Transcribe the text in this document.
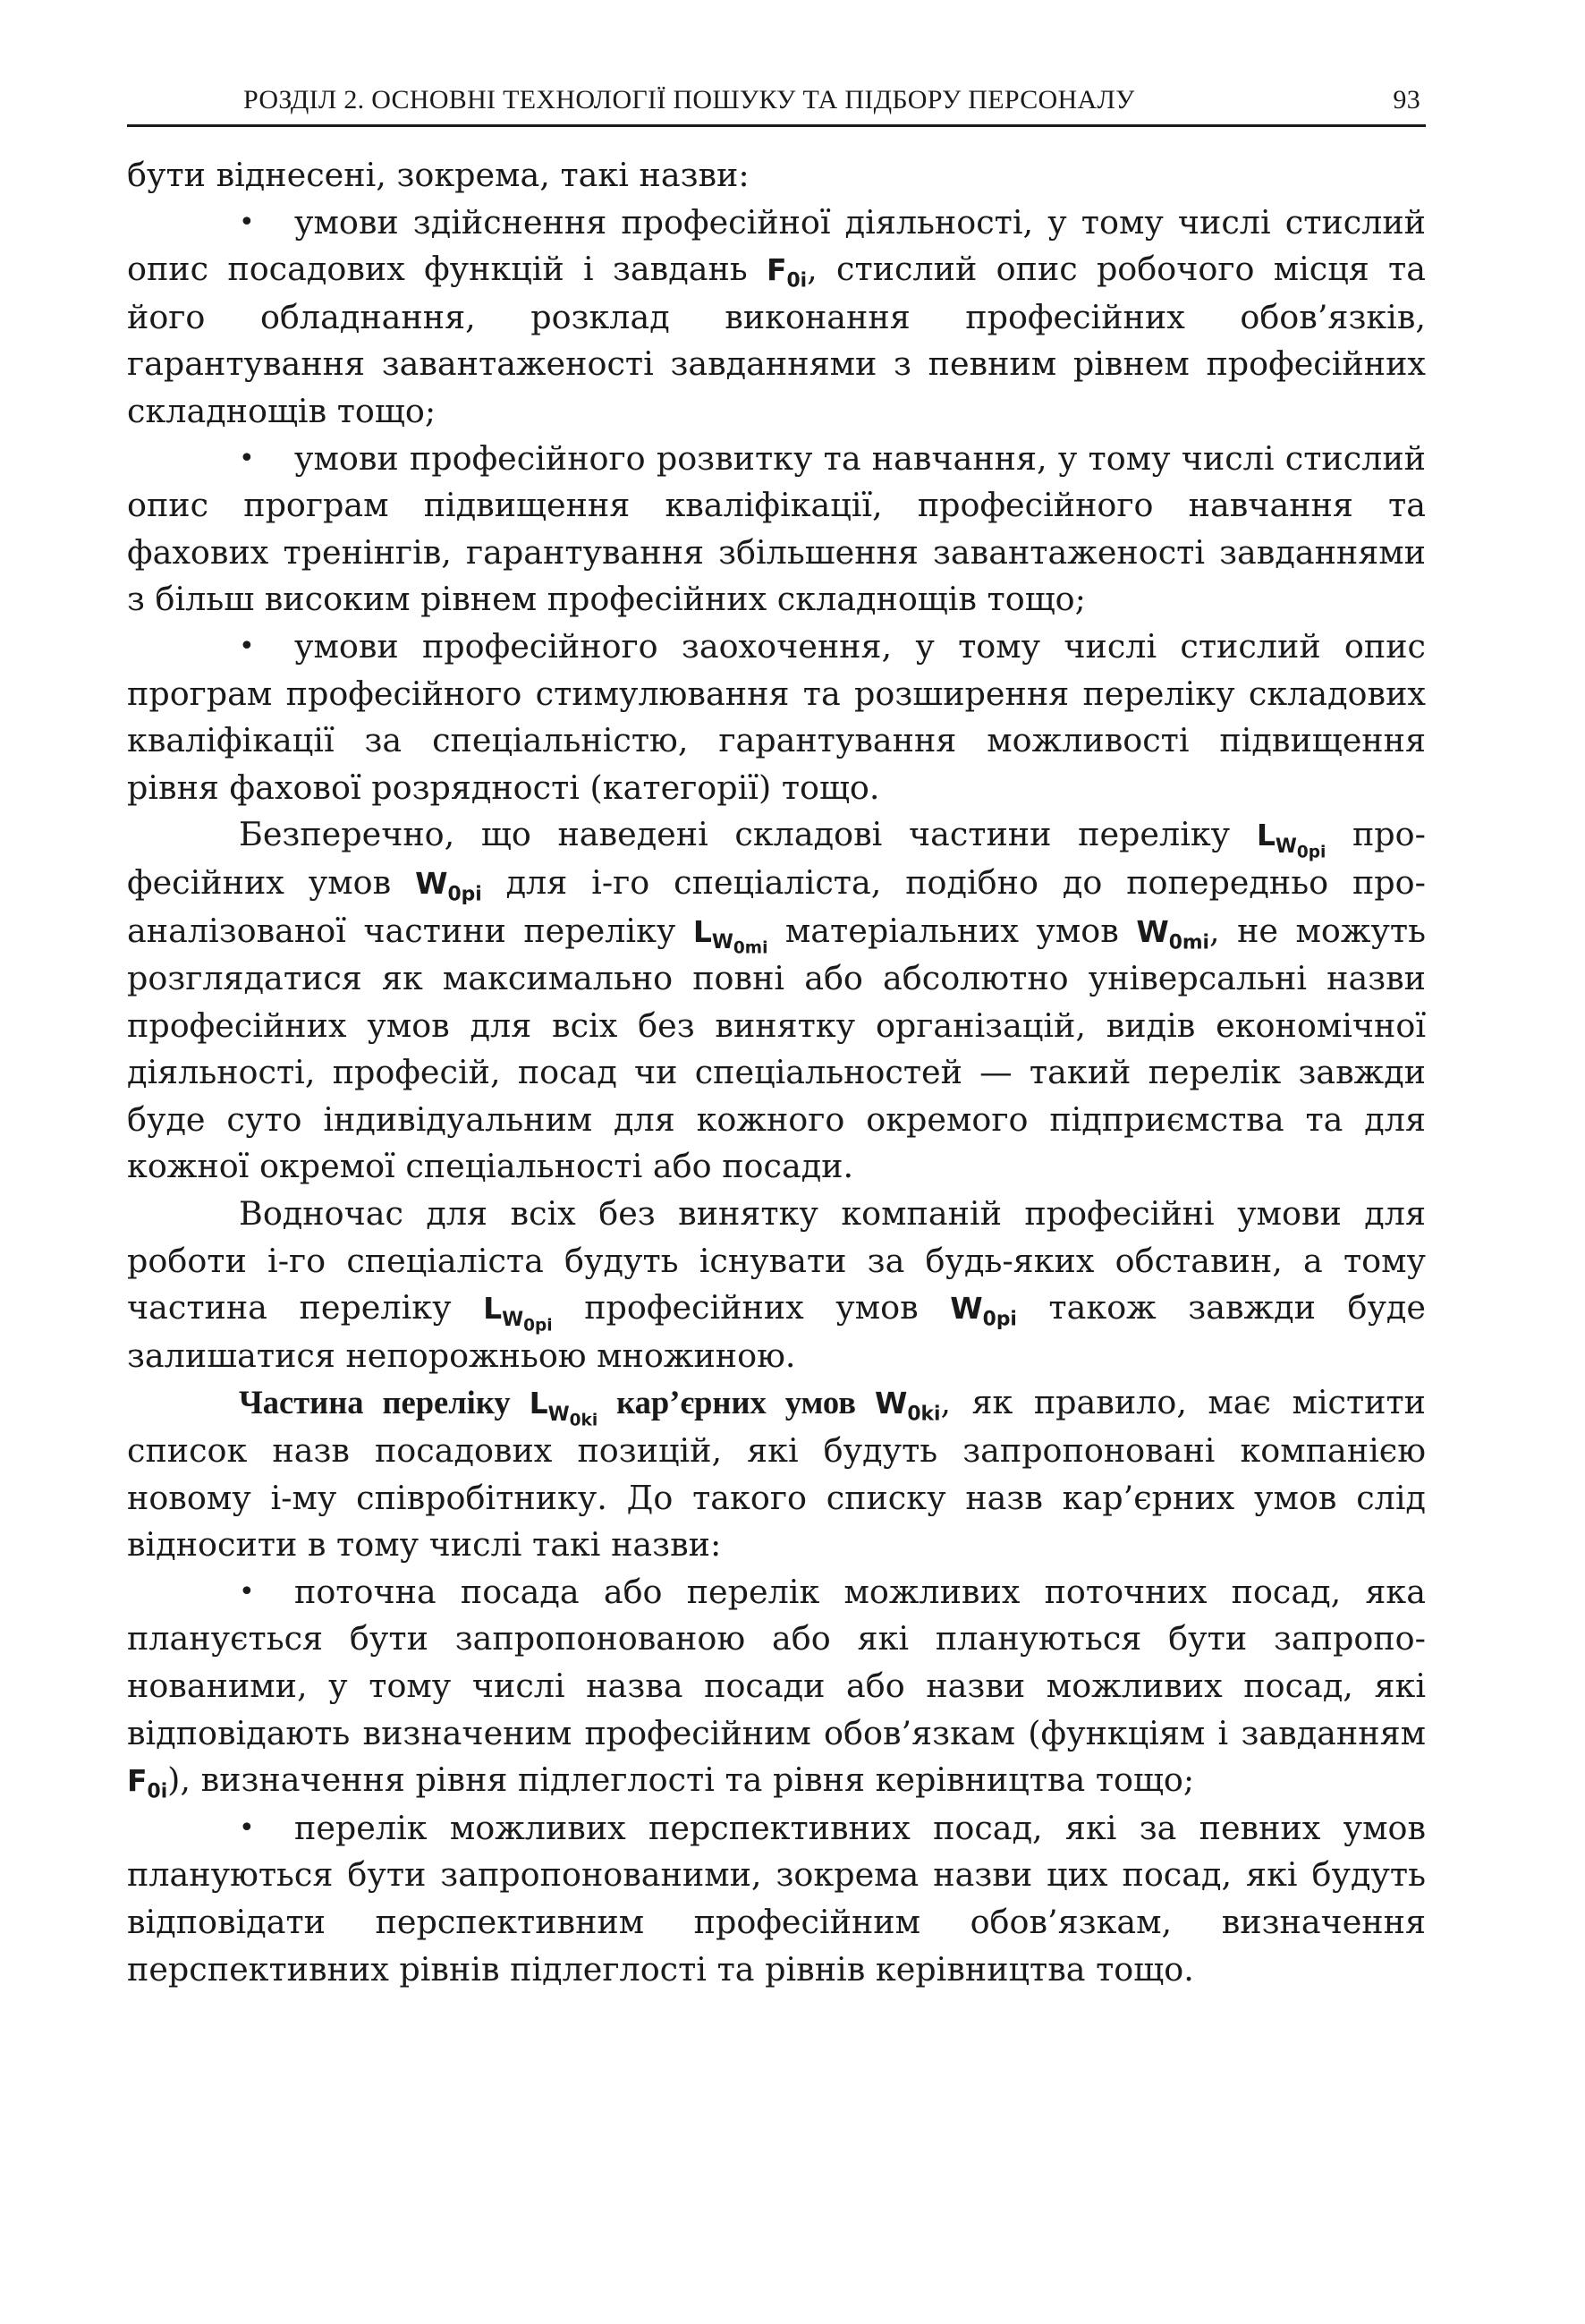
РОЗДІЛ 2. ОСНОВНІ ТЕХНОЛОГІЇ ПОШУКУ ТА ПІДБОРУ ПЕРСОНАЛУ	93

бути віднесені, зокрема, такі назви:

• умови здійснення професійної діяльності, у тому числі стислий опис посадових функцій і завдань $F_{0i}$, стислий опис робочого місця та його обладнання, розклад виконання професійних обов’язків, гарантування завантаженості завданнями з певним рівнем професійних складнощів тощо;

• умови професійного розвитку та навчання, у тому числі стислий опис програм підвищення кваліфікації, професійного навчання та фахових тренінгів, гарантування збільшення завантаженості завданнями з більш високим рівнем професійних складнощів тощо;

• умови професійного заохочення, у тому числі стислий опис програм професійного стимулювання та розширення переліку складових кваліфікації за спеціальністю, гарантування можливості підвищення рівня фахової розрядності (категорії) тощо.

Безперечно, що наведені складові частини переліку $L_{W_{0pi}}$ професійних умов $W_{0pi}$ для і-го спеціаліста, подібно до попередньо проаналізованої частини переліку $L_{W_{0mi}}$ матеріальних умов $W_{0mi}$, не можуть розглядатися як максимально повні або абсолютно універсальні назви професійних умов для всіх без винятку організацій, видів економічної діяльності, професій, посад чи спеціальностей — такий перелік завжди буде суто індивідуальним для кожного окремого підприємства та для кожної окремої спеціальності або посади.

Водночас для всіх без винятку компаній професійні умови для роботи і-го спеціаліста будуть існувати за будь-яких обставин, а тому частина переліку $L_{W_{0pi}}$ професійних умов $W_{0pi}$ також завжди буде залишатися непорожньою множиною.

Частина переліку $L_{W_{0ki}}$ кар’єрних умов $W_{0ki}$, як правило, має містити список назв посадових позицій, які будуть запропоновані компанією новому і-му співробітнику. До такого списку назв кар’єрних умов слід відносити в тому числі такі назви:

• поточна посада або перелік можливих поточних посад, яка планується бути запропонованою або які плануються бути запропонованими, у тому числі назва посади або назви можливих посад, які відповідають визначеним професійним обов’язкам (функціям і завданням $F_{0i}$), визначення рівня підлеглості та рівня керівництва тощо;

• перелік можливих перспективних посад, які за певних умов плануються бути запропонованими, зокрема назви цих посад, які будуть відповідати перспективним професійним обов’язкам, визначення перспективних рівнів підлеглості та рівнів керівництва тощо.
